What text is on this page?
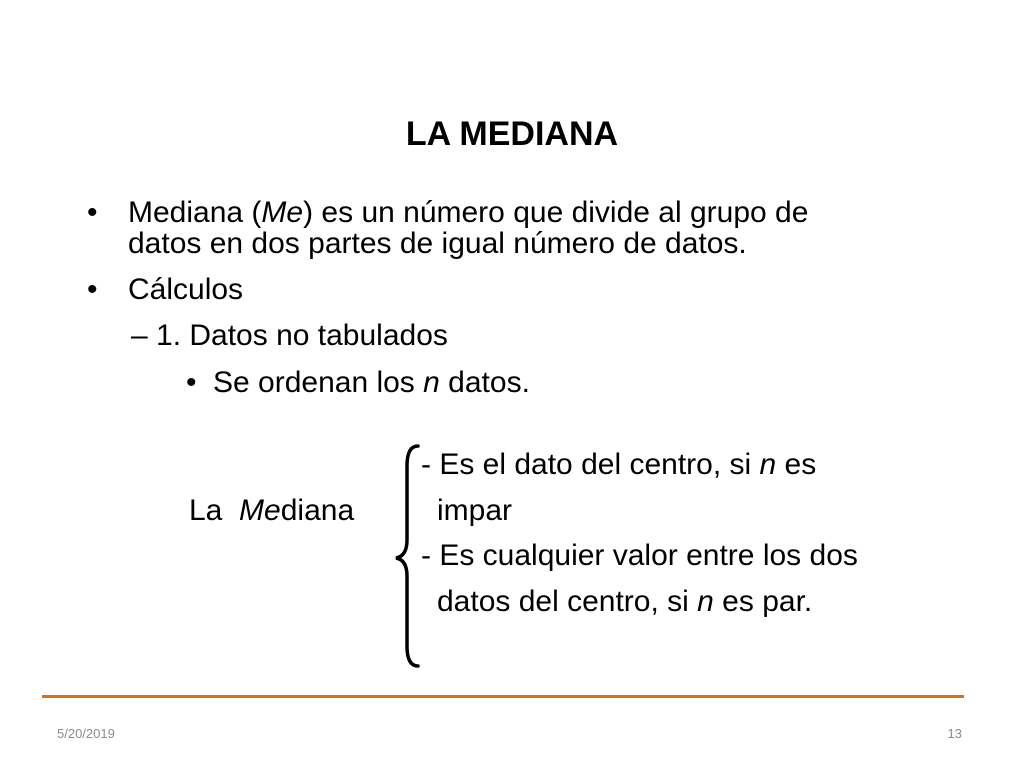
LA MEDIANA
• Mediana (Me) es un número que divide al grupo de
datos en dos partes de igual número de datos.
• Cálculos
– 1. Datos no tabulados
• Se ordenan los n datos.
La Mediana
- Es el dato del centro, si n es
impar
- Es cualquier valor entre los dos
datos del centro, si n es par.
5/20/2019	13
